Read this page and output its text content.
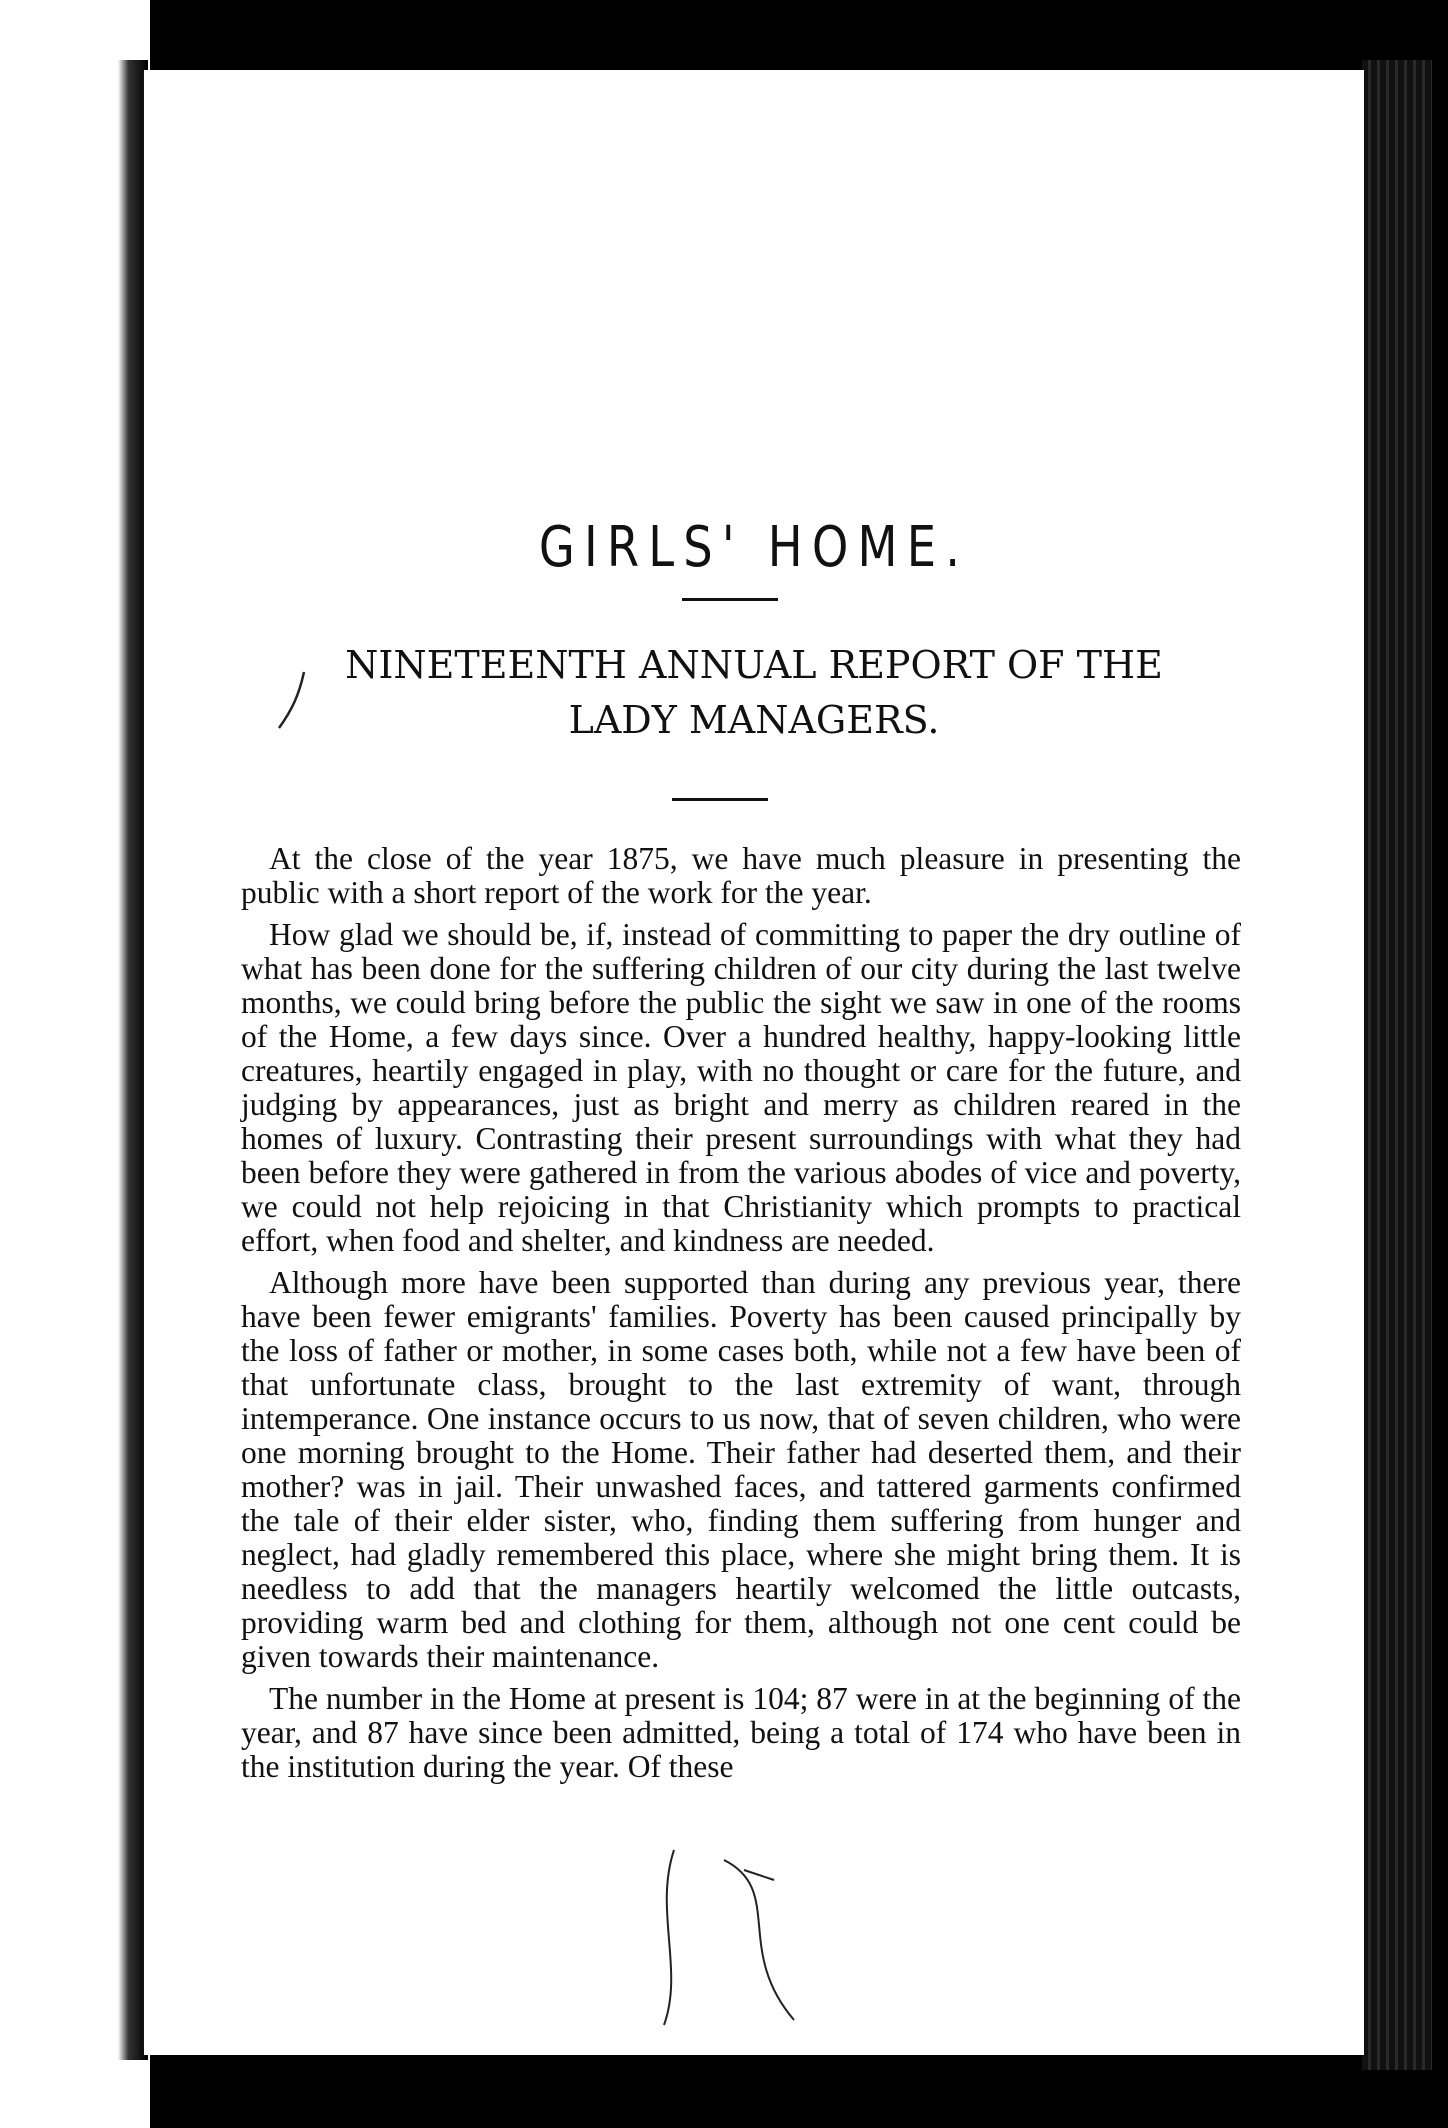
GIRLS' HOME.
NINETEENTH ANNUAL REPORT OF THE
LADY MANAGERS.

At the close of the year 1875, we have much pleasure in presenting the public with a short report of the work for the year.

How glad we should be, if, instead of committing to paper the dry outline of what has been done for the suffering children of our city during the last twelve months, we could bring before the public the sight we saw in one of the rooms of the Home, a few days since. Over a hundred healthy, happy-looking little creatures, heartily engaged in play, with no thought or care for the future, and judging by appearances, just as bright and merry as children reared in the homes of luxury. Contrasting their present surroundings with what they had been before they were gathered in from the various abodes of vice and poverty, we could not help rejoicing in that Christianity which prompts to practical effort, when food and shelter, and kindness are needed.

Although more have been supported than during any previous year, there have been fewer emigrants' families. Poverty has been caused principally by the loss of father or mother, in some cases both, while not a few have been of that unfortunate class, brought to the last extremity of want, through intemperance. One instance occurs to us now, that of seven children, who were one morning brought to the Home. Their father had deserted them, and their mother? was in jail. Their unwashed faces, and tattered garments confirmed the tale of their elder sister, who, finding them suffering from hunger and neglect, had gladly remembered this place, where she might bring them. It is needless to add that the managers heartily welcomed the little outcasts, providing warm bed and clothing for them, although not one cent could be given towards their maintenance.

The number in the Home at present is 104; 87 were in at the beginning of the year, and 87 have since been admitted, being a total of 174 who have been in the institution during the year. Of these
